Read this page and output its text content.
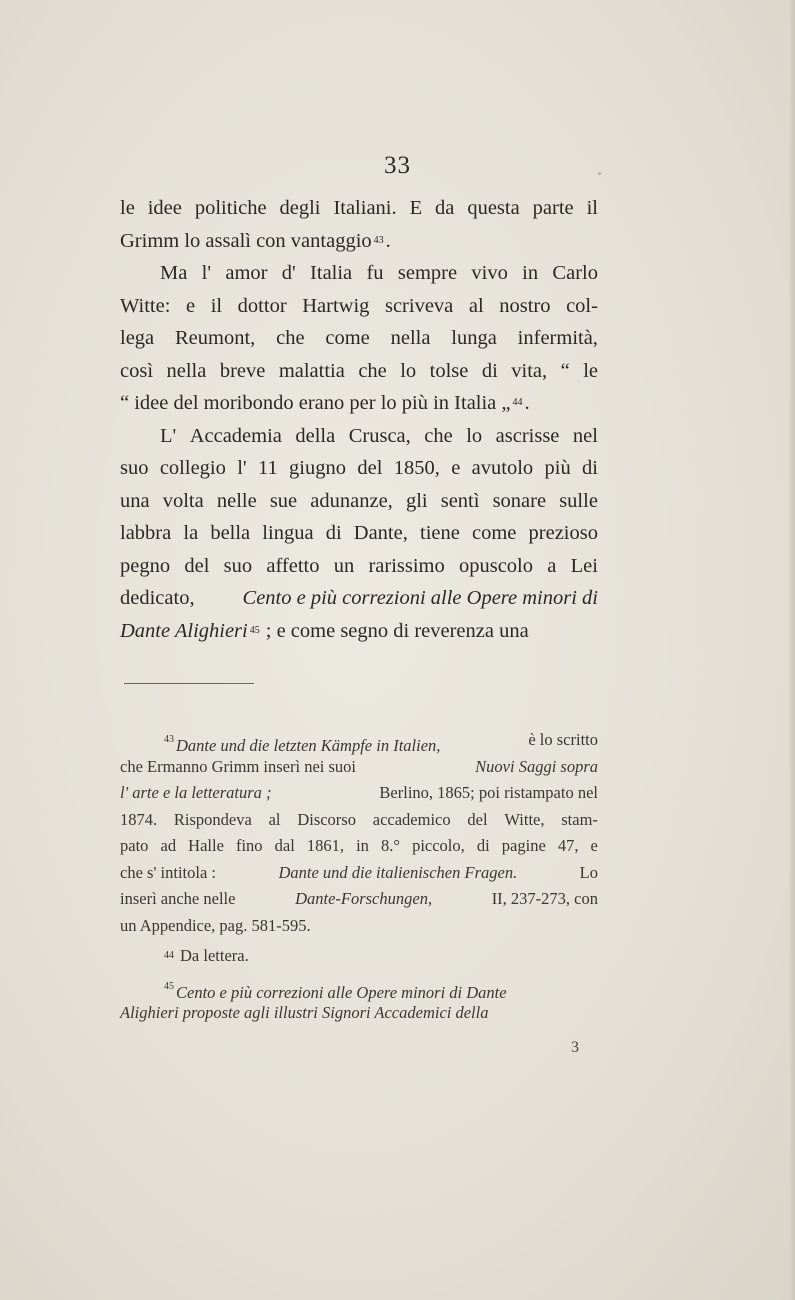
33
le idee politiche degli Italiani. E da questa parte il
Grimm lo assalì con vantaggio 43 .
Ma l' amor d' Italia fu sempre vivo in Carlo
Witte: e il dottor Hartwig scriveva al nostro col-
lega Reumont, che come nella lunga infermità,
così nella breve malattia che lo tolse di vita, “ le
“ idee del moribondo erano per lo più in Italia „ 44 .
L' Accademia della Crusca, che lo ascrisse nel
suo collegio l' 11 giugno del 1850, e avutolo più di
una volta nelle sue adunanze, gli sentì sonare sulle
labbra la bella lingua di Dante, tiene come prezioso
pegno del suo affetto un rarissimo opuscolo a Lei
dedicato, Cento e più correzioni alle Opere minori di
Dante Alighieri 45 ; e come segno di reverenza una
$^{43}$ Dante und die letzten Kämpfe in Italien,	è lo scritto
che Ermanno Grimm inserì nei suoi	Nuovi Saggi sopra
l' arte e la letteratura ;	Berlino, 1865; poi ristampato nel
1874. Rispondeva al Discorso accademico del Witte, stam-
pato ad Halle fino dal 1861, in 8.° piccolo, di pagine 47, e
che s' intitola :	Dante und die italienischen Fragen.	Lo
inserì anche nelle	Dante-Forschungen,	II, 237-273, con
un Appendice, pag. 581-595.
44 Da lettera.
$^{45}$ Cento e più correzioni alle Opere minori di Dante
Alighieri proposte agli illustri Signori Accademici della
3
